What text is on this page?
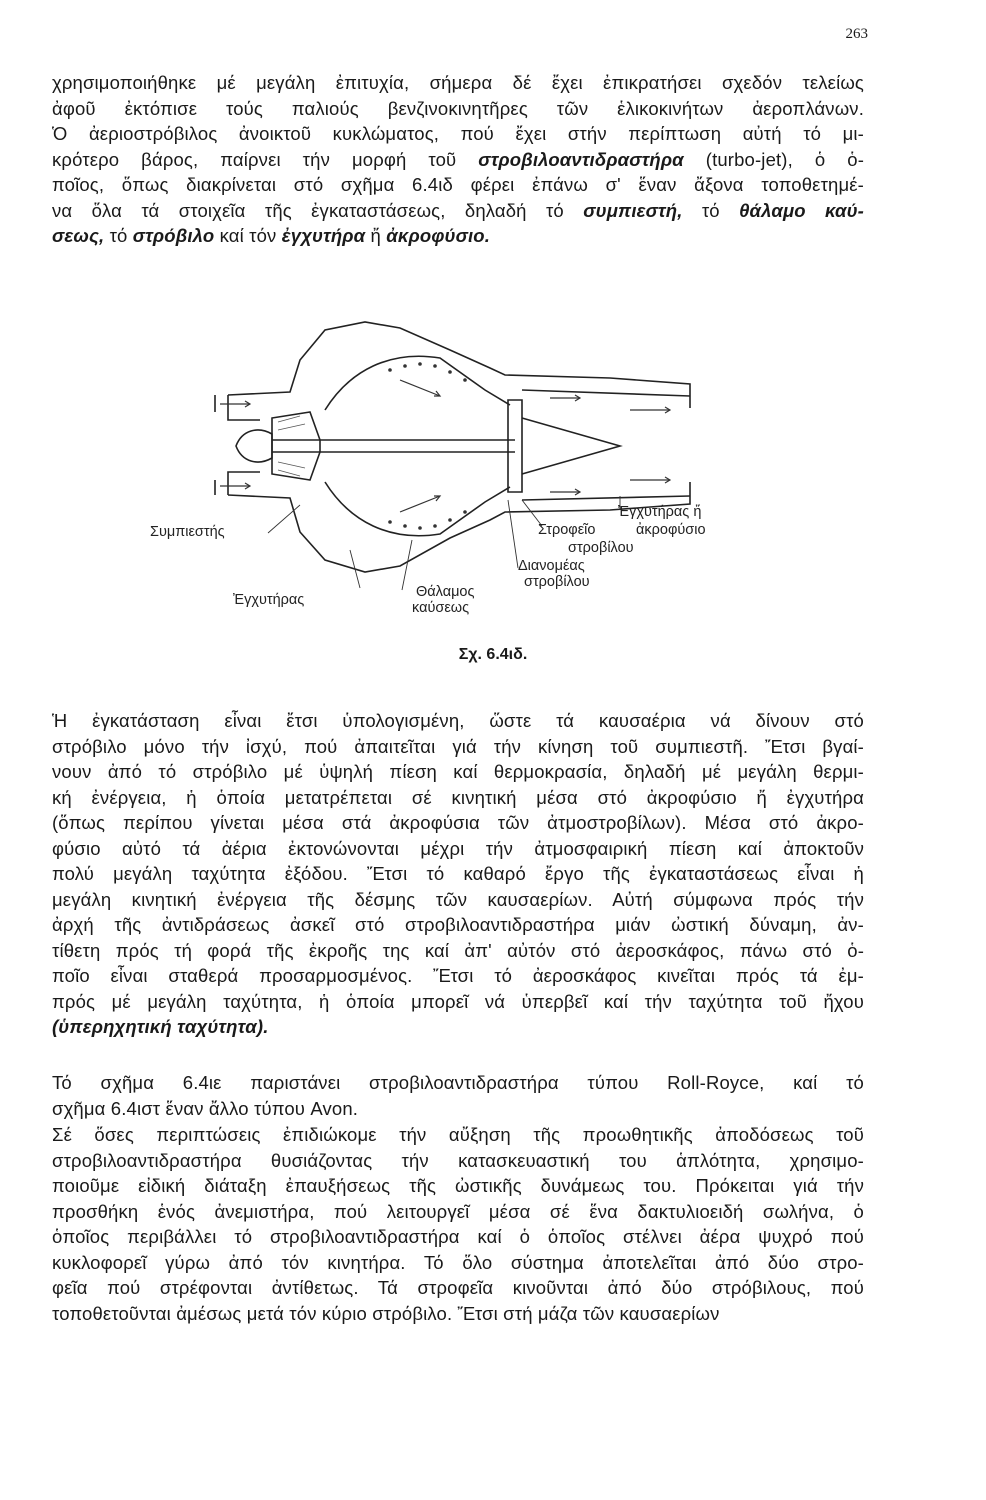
263
χρησιμοποιήθηκε μέ μεγάλη ἐπιτυχία, σήμερα δέ ἔχει ἐπικρατήσει σχεδόν τελείως
ἀφοῦ ἐκτόπισε τούς παλιούς βενζινοκινητῆρες τῶν ἑλικοκινήτων ἀεροπλάνων.
Ὁ ἀεριοστρόβιλος ἀνοικτοῦ κυκλώματος, πού ἔχει στήν περίπτωση αὐτή τό μι-
κρότερο βάρος, παίρνει τήν μορφή τοῦ στροβιλοαντιδραστήρα (turbo-jet), ὁ ὁ-
ποῖος, ὅπως διακρίνεται στό σχῆμα 6.4ιδ φέρει ἐπάνω σ' ἕναν ἄξονα τοποθετημέ-
να ὅλα τά στοιχεῖα τῆς ἐγκαταστάσεως, δηλαδή τό συμπιεστή, τό θάλαμο καύ-
σεως, τό στρόβιλο καί τόν ἐγχυτήρα ἤ ἀκροφύσιο.
Συμπιεστής
Ἐγχυτήρας	Θάλαμος
καύσεως
Στροφεῖο
στροβίλου
Ἐγχυτήρας ἤ
ἀκροφύσιο
Διανομέας
στροβίλου
Σχ. 6.4ιδ.
Ἡ ἐγκατάσταση εἶναι ἔτσι ὑπολογισμένη, ὥστε τά καυσαέρια νά δίνουν στό
στρόβιλο μόνο τήν ἰσχύ, πού ἀπαιτεῖται γιά τήν κίνηση τοῦ συμπιεστῆ. Ἔτσι βγαί-
νουν ἀπό τό στρόβιλο μέ ὑψηλή πίεση καί θερμοκρασία, δηλαδή μέ μεγάλη θερμι-
κή ἐνέργεια, ἡ ὁποία μετατρέπεται σέ κινητική μέσα στό ἀκροφύσιο ἤ ἐγχυτήρα
(ὅπως περίπου γίνεται μέσα στά ἀκροφύσια τῶν ἀτμοστροβίλων). Μέσα στό ἀκρο-
φύσιο αὐτό τά ἀέρια ἐκτονώνονται μέχρι τήν ἀτμοσφαιρική πίεση καί ἀποκτοῦν
πολύ μεγάλη ταχύτητα ἐξόδου. Ἔτσι τό καθαρό ἔργο τῆς ἐγκαταστάσεως εἶναι ἡ
μεγάλη κινητική ἐνέργεια τῆς δέσμης τῶν καυσαερίων. Αὐτή σύμφωνα πρός τήν
ἀρχή τῆς ἀντιδράσεως ἀσκεῖ στό στροβιλοαντιδραστήρα μιάν ὠστική δύναμη, ἀν-
τίθετη πρός τή φορά τῆς ἐκροῆς της καί ἀπ' αὐτόν στό ἀεροσκάφος, πάνω στό ὁ-
ποῖο εἶναι σταθερά προσαρμοσμένος. Ἔτσι τό ἀεροσκάφος κινεῖται πρός τά ἐμ-
πρός μέ μεγάλη ταχύτητα, ἡ ὁποία μπορεῖ νά ὑπερβεῖ καί τήν ταχύτητα τοῦ ἤχου
(ὑπερηχητική ταχύτητα).
Τό σχῆμα 6.4ιε παριστάνει στροβιλοαντιδραστήρα τύπου Roll-Royce, καί τό
σχῆμα 6.4ιστ ἕναν ἄλλο τύπου Avon.
Σέ ὅσες περιπτώσεις ἐπιδιώκομε τήν αὔξηση τῆς προωθητικῆς ἀποδόσεως τοῦ
στροβιλοαντιδραστήρα θυσιάζοντας τήν κατασκευαστική του ἁπλότητα, χρησιμο-
ποιοῦμε εἰδική διάταξη ἐπαυξήσεως τῆς ὠστικῆς δυνάμεως του. Πρόκειται γιά τήν
προσθήκη ἑνός ἀνεμιστήρα, πού λειτουργεῖ μέσα σέ ἕνα δακτυλιοειδή σωλήνα, ὁ
ὁποῖος περιβάλλει τό στροβιλοαντιδραστήρα καί ὁ ὁποῖος στέλνει ἀέρα ψυχρό πού
κυκλοφορεῖ γύρω ἀπό τόν κινητήρα. Τό ὅλο σύστημα ἀποτελεῖται ἀπό δύο στρο-
φεῖα πού στρέφονται ἀντίθετως. Τά στροφεῖα κινοῦνται ἀπό δύο στρόβιλους, πού
τοποθετοῦνται ἀμέσως μετά τόν κύριο στρόβιλο. Ἔτσι στή μάζα τῶν καυσαερίων
